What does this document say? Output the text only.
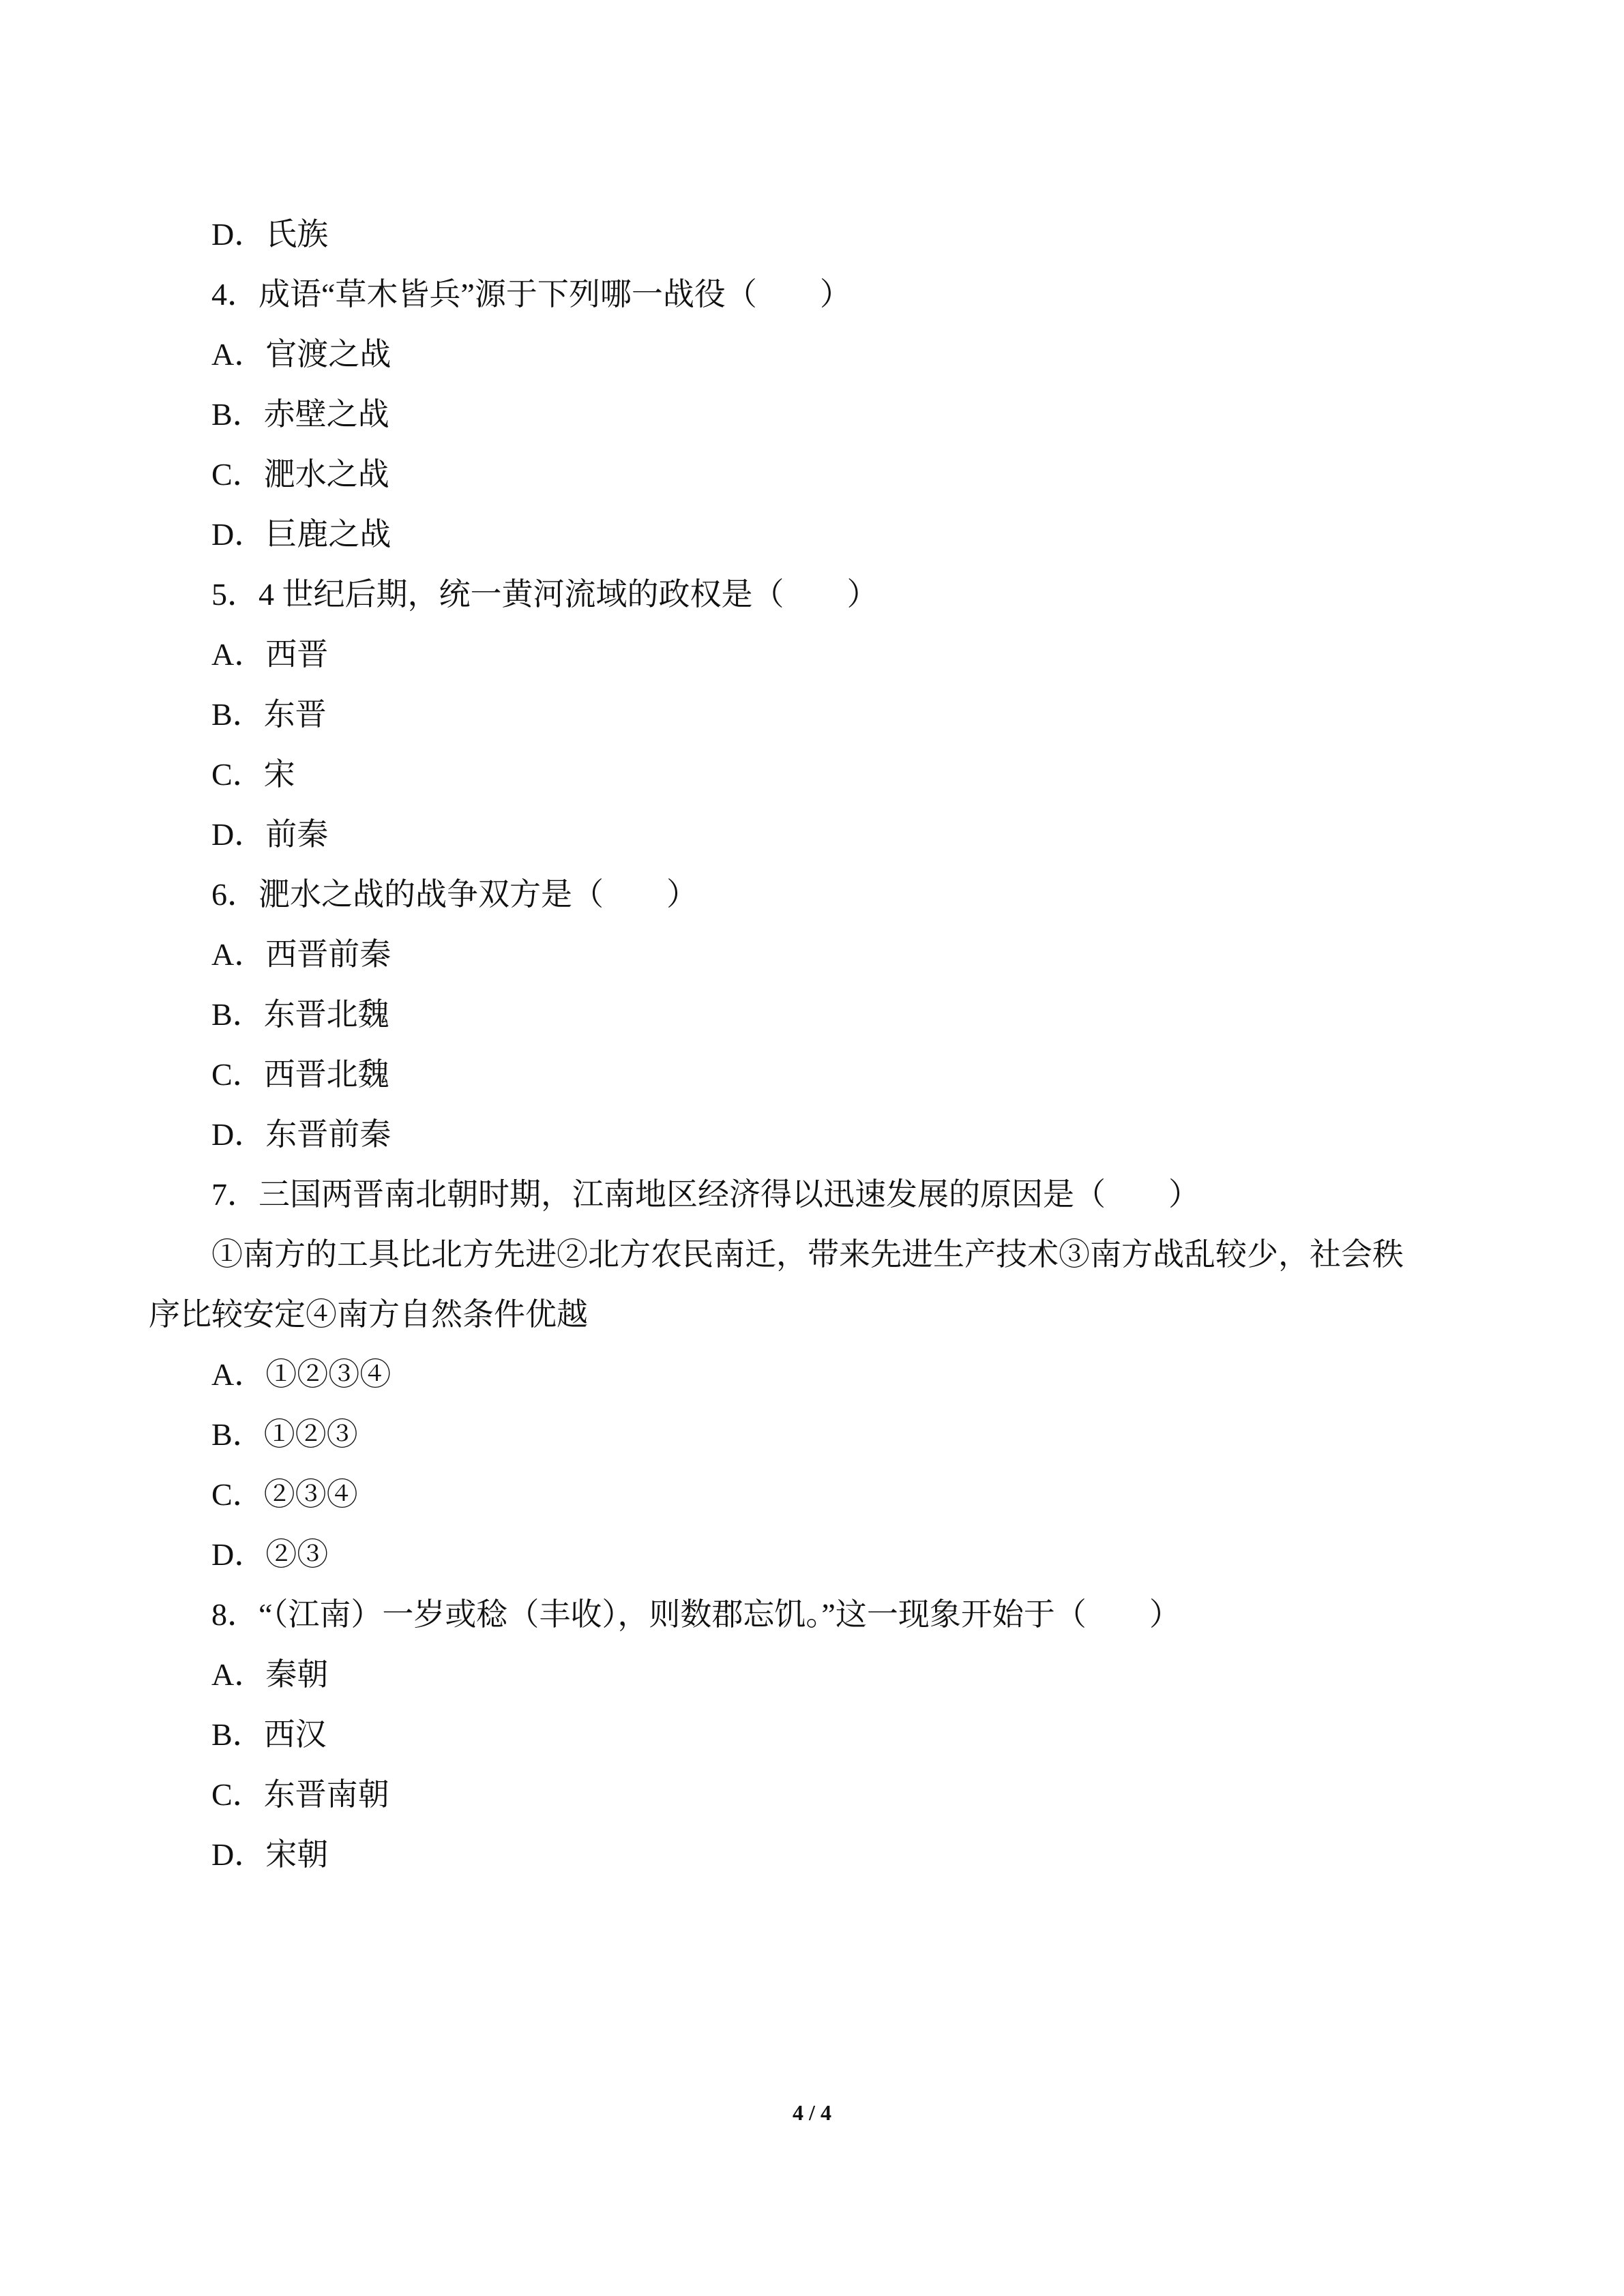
D．氏族
4．成语“草木皆兵”源于下列哪一战役（　　）
A．官渡之战
B．赤壁之战
C．淝水之战
D．巨鹿之战
5．4 世纪后期，统一黄河流域的政权是（　　）
A．西晋
B．东晋
C．宋
D．前秦
6．淝水之战的战争双方是（　　）
A．西晋前秦
B．东晋北魏
C．西晋北魏
D．东晋前秦
7．三国两晋南北朝时期，江南地区经济得以迅速发展的原因是（　　）
①南方的工具比北方先进②北方农民南迁，带来先进生产技术③南方战乱较少，社会秩
序比较安定④南方自然条件优越
A．①②③④
B．①②③
C．②③④
D．②③
8．“（江南）一岁或稔（丰收），则数郡忘饥。”这一现象开始于（　　）
A．秦朝
B．西汉
C．东晋南朝
D．宋朝
4 / 4
